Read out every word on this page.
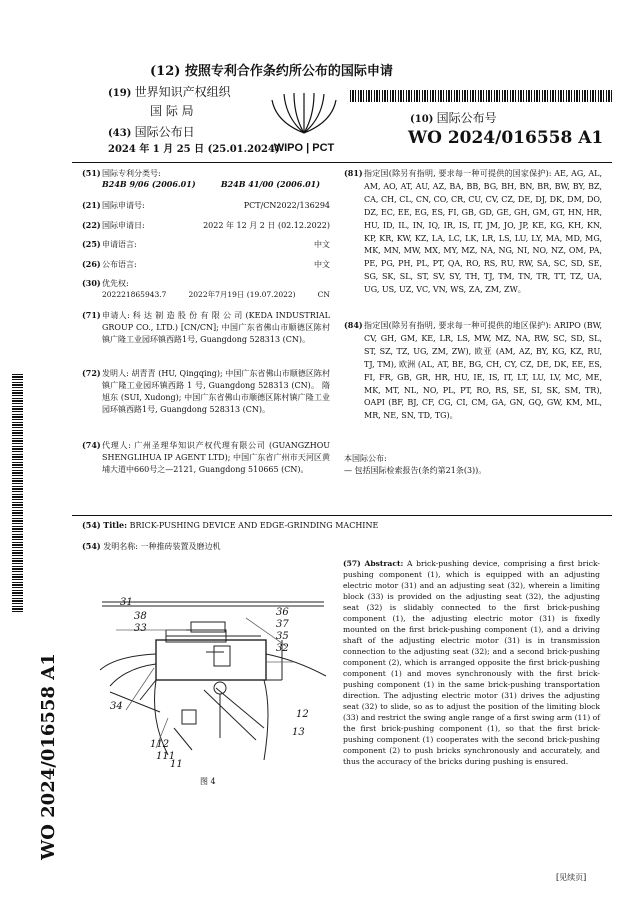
(12) 按照专利合作条约所公布的国际申请
(19) 世界知识产权组织
国 际 局
(43) 国际公布日
2024 年 1 月 25 日 (25.01.2024)
WIPO | PCT
(10) 国际公布号
WO 2024/016558 A1
(51) 国际专利分类号:
B24B 9/06 (2006.01)	B24B 41/00 (2006.01)
(21) 国际申请号:	PCT/CN2022/136294
(22) 国际申请日:	2022 年 12 月 2 日 (02.12.2022)
(25) 申请语言:	中文
(26) 公布语言:	中文
(30) 优先权:
202221865943.7	2022年7月19日 (19.07.2022)	CN
(71) 申请人: 科 达 制 造 股 份 有 限 公 司 (KEDA INDUSTRIAL GROUP CO., LTD.) [CN/CN]; 中国广东省佛山市顺德区陈村镇广隆工业园环镇西路1号, Guangdong 528313 (CN)。
(72) 发明人: 胡青青 (HU, Qingqing); 中国广东省佛山市顺德区陈村镇广隆工业园环镇西路 1 号, Guangdong 528313 (CN)。 隋旭东 (SUI, Xudong); 中国广东省佛山市顺德区陈村镇广隆工业园环镇西路1号, Guangdong 528313 (CN)。
(74) 代理人: 广州圣理华知识产权代理有限公司 (GUANGZHOU SHENGLIHUA IP AGENT LTD); 中国广东省广州市天河区黄埔大道中660号之—2121, Guangdong 510665 (CN)。
(81) 指定国(除另有指明, 要求每一种可提供的国家保护): AE, AG, AL, AM, AO, AT, AU, AZ, BA, BB, BG, BH, BN, BR, BW, BY, BZ, CA, CH, CL, CN, CO, CR, CU, CV, CZ, DE, DJ, DK, DM, DO, DZ, EC, EE, EG, ES, FI, GB, GD, GE, GH, GM, GT, HN, HR, HU, ID, IL, IN, IQ, IR, IS, IT, JM, JO, JP, KE, KG, KH, KN, KP, KR, KW, KZ, LA, LC, LK, LR, LS, LU, LY, MA, MD, MG, MK, MN, MW, MX, MY, MZ, NA, NG, NI, NO, NZ, OM, PA, PE, PG, PH, PL, PT, QA, RO, RS, RU, RW, SA, SC, SD, SE, SG, SK, SL, ST, SV, SY, TH, TJ, TM, TN, TR, TT, TZ, UA, UG, US, UZ, VC, VN, WS, ZA, ZM, ZW。
(84) 指定国(除另有指明, 要求每一种可提供的地区保护): ARIPO (BW, CV, GH, GM, KE, LR, LS, MW, MZ, NA, RW, SC, SD, SL, ST, SZ, TZ, UG, ZM, ZW), 欧亚 (AM, AZ, BY, KG, KZ, RU, TJ, TM), 欧洲 (AL, AT, BE, BG, CH, CY, CZ, DE, DK, EE, ES, FI, FR, GB, GR, HR, HU, IE, IS, IT, LT, LU, LV, MC, ME, MK, MT, NL, NO, PL, PT, RO, RS, SE, SI, SK, SM, TR), OAPI (BF, BJ, CF, CG, CI, CM, GA, GN, GQ, GW, KM, ML, MR, NE, SN, TD, TG)。
本国际公布:
— 包括国际检索报告(条约第21条(3))。
(54) Title: BRICK-PUSHING DEVICE AND EDGE-GRINDING MACHINE
(54) 发明名称: 一种推砖装置及磨边机
31
38
33
36
37
35
32
34
12
13
112
111
11
图 4
(57) Abstract: A brick-pushing device, comprising a first brick-pushing component (1), which is equipped with an adjusting electric motor (31) and an adjusting seat (32), wherein a limiting block (33) is provided on the adjusting seat (32), the adjusting seat (32) is slidably connected to the first brick-pushing component (1), the adjusting electric motor (31) is fixedly mounted on the first brick-pushing component (1), and a driving shaft of the adjusting electric motor (31) is in transmission connection to the adjusting seat (32); and a second brick-pushing component (2), which is arranged opposite the first brick-pushing component (1) and moves synchronously with the first brick-pushing component (1) in the same brick-pushing transportation direction. The adjusting electric motor (31) drives the adjusting seat (32) to slide, so as to adjust the position of the limiting block (33) and restrict the swing angle range of a first swing arm (11) of the first brick-pushing component (1), so that the first brick-pushing component (1) cooperates with the second brick-pushing component (2) to push bricks synchronously and accurately, and thus the accuracy of the bricks during pushing is ensured.
WO 2024/016558 A1
[见续页]
